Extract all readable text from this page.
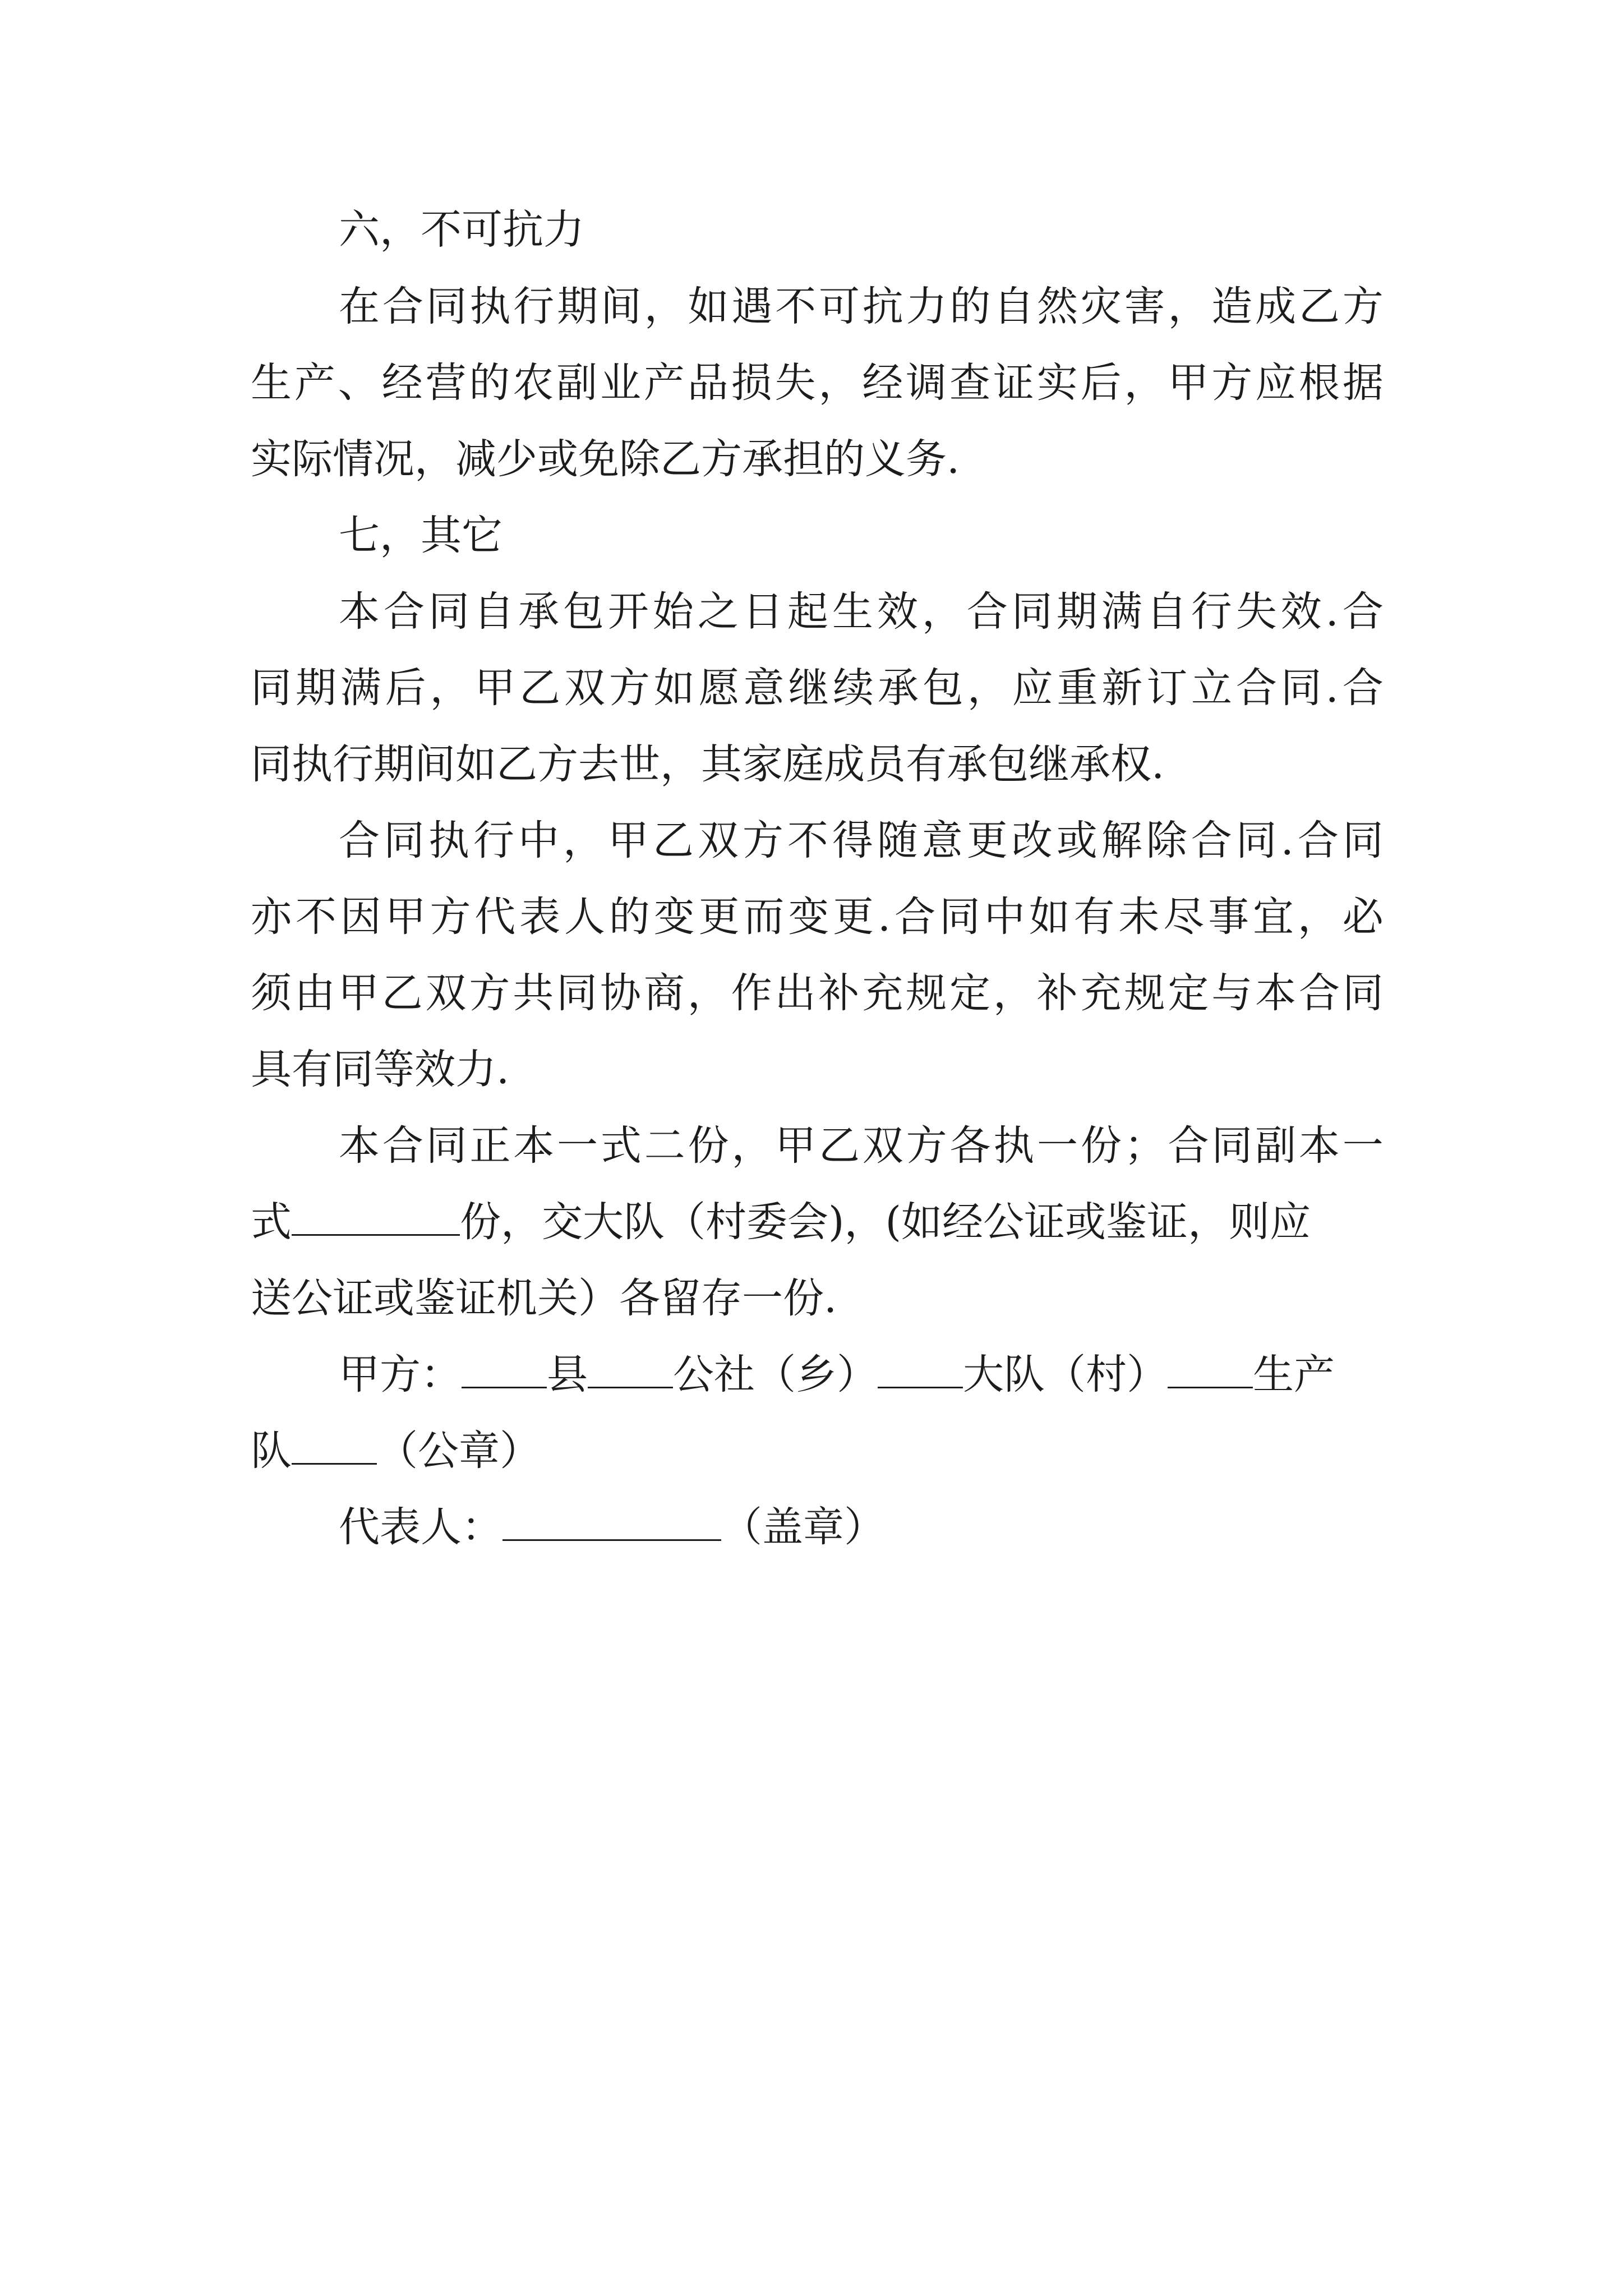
六，不可抗力
在 合 同 执 行 期 间 ， 如 遇 不 可 抗 力 的 自 然 灾 害 ， 造 成 乙 方
生 产 、 经 营 的 农 副 业 产 品 损 失 ， 经 调 查 证 实 后 ， 甲 方 应 根 据
实际情况，减少或免除乙方承担的义务.
七，其它
本 合 同 自 承 包 开 始 之 日 起 生 效 ， 合 同 期 满 自 行 失 效 . 合
同 期 满 后 ， 甲 乙 双 方 如 愿 意 继 续 承 包 ， 应 重 新 订 立 合 同 . 合
同执行期间如乙方去世，其家庭成员有承包继承权.
合 同 执 行 中 ， 甲 乙 双 方 不 得 随 意 更 改 或 解 除 合 同 . 合 同
亦 不 因 甲 方 代 表 人 的 变 更 而 变 更 . 合 同 中 如 有 未 尽 事 宜 ， 必
须 由 甲 乙 双 方 共 同 协 商 ， 作 出 补 充 规 定 ， 补 充 规 定 与 本 合 同
具有同等效力.
本 合 同 正 本 一 式 二 份 ， 甲 乙 双 方 各 执 一 份 ； 合 同 副 本 一
式	份，交大队（村委会)，(如经公证或鉴证，则应
送公证或鉴证机关）各留存一份.
甲方： 县 公社（乡） 大队（村） 生产
队 （公章）
代表人：	（盖章）
